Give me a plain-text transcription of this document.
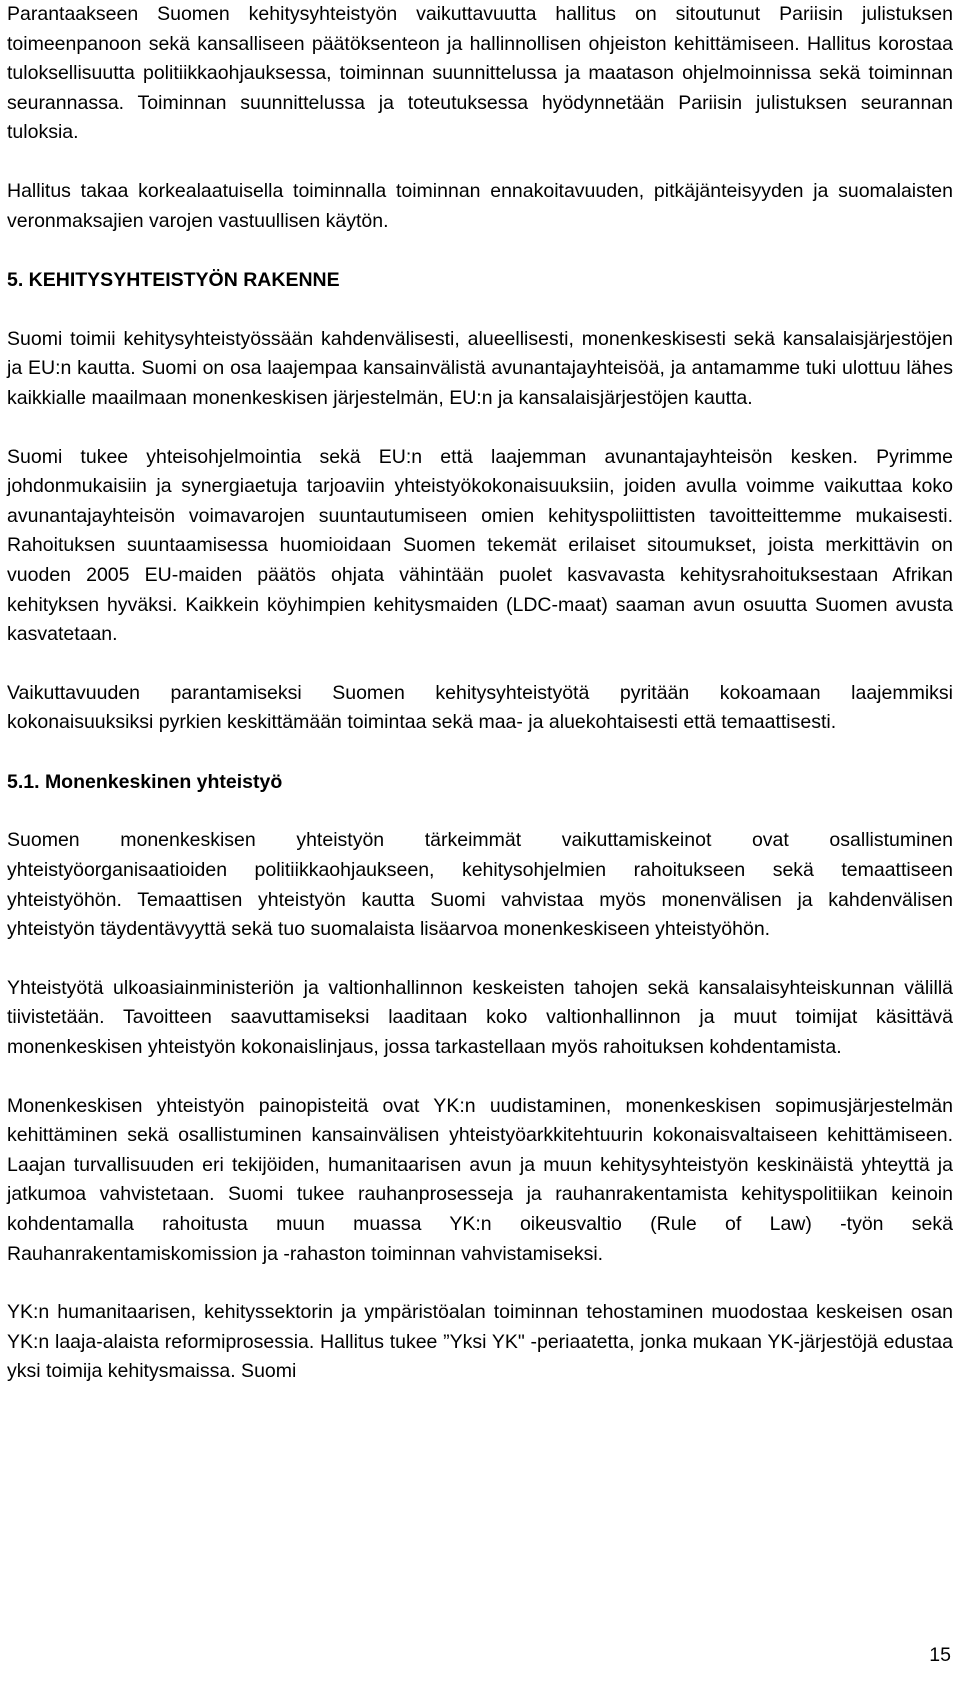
Parantaakseen Suomen kehitysyhteistyön vaikuttavuutta hallitus on sitoutunut Pariisin julistuksen toimeenpanoon sekä kansalliseen päätöksenteon ja hallinnollisen ohjeiston kehittämiseen. Hallitus korostaa tuloksellisuutta politiikkaohjauksessa, toiminnan suunnittelussa ja maatason ohjelmoinnissa sekä toiminnan seurannassa. Toiminnan suunnittelussa ja toteutuksessa hyödynnetään Pariisin julistuksen seurannan tuloksia.

Hallitus takaa korkealaatuisella toiminnalla toiminnan ennakoitavuuden, pitkäjänteisyyden ja suomalaisten veronmaksajien varojen vastuullisen käytön.

5. KEHITYSYHTEISTYÖN RAKENNE

Suomi toimii kehitysyhteistyössään kahdenvälisesti, alueellisesti, monenkeskisesti sekä kansalaisjärjestöjen ja EU:n kautta. Suomi on osa laajempaa kansainvälistä avunantajayhteisöä, ja antamamme tuki ulottuu lähes kaikkialle maailmaan monenkeskisen järjestelmän, EU:n ja kansalaisjärjestöjen kautta.

Suomi tukee yhteisohjelmointia sekä EU:n että laajemman avunantajayhteisön kesken. Pyrimme johdonmukaisiin ja synergiaetuja tarjoaviin yhteistyökokonaisuuksiin, joiden avulla voimme vaikuttaa koko avunantajayhteisön voimavarojen suuntautumiseen omien kehityspoliittisten tavoitteittemme mukaisesti. Rahoituksen suuntaamisessa huomioidaan Suomen tekemät erilaiset sitoumukset, joista merkittävin on vuoden 2005 EU-maiden päätös ohjata vähintään puolet kasvavasta kehitysrahoituksestaan Afrikan kehityksen hyväksi. Kaikkein köyhimpien kehitysmaiden (LDC-maat) saaman avun osuutta Suomen avusta kasvatetaan.

Vaikuttavuuden parantamiseksi Suomen kehitysyhteistyötä pyritään kokoamaan laajemmiksi kokonaisuuksiksi pyrkien keskittämään toimintaa sekä maa- ja aluekohtaisesti että temaattisesti.

5.1. Monenkeskinen yhteistyö

Suomen monenkeskisen yhteistyön tärkeimmät vaikuttamiskeinot ovat osallistuminen yhteistyöorganisaatioiden politiikkaohjaukseen, kehitysohjelmien rahoitukseen sekä temaattiseen yhteistyöhön. Temaattisen yhteistyön kautta Suomi vahvistaa myös monenvälisen ja kahdenvälisen yhteistyön täydentävyyttä sekä tuo suomalaista lisäarvoa monenkeskiseen yhteistyöhön.

Yhteistyötä ulkoasiainministeriön ja valtionhallinnon keskeisten tahojen sekä kansalaisyhteiskunnan välillä tiivistetään. Tavoitteen saavuttamiseksi laaditaan koko valtionhallinnon ja muut toimijat käsittävä monenkeskisen yhteistyön kokonaislinjaus, jossa tarkastellaan myös rahoituksen kohdentamista.

Monenkeskisen yhteistyön painopisteitä ovat YK:n uudistaminen, monenkeskisen sopimusjärjestelmän kehittäminen sekä osallistuminen kansainvälisen yhteistyöarkkitehtuurin kokonaisvaltaiseen kehittämiseen. Laajan turvallisuuden eri tekijöiden, humanitaarisen avun ja muun kehitysyhteistyön keskinäistä yhteyttä ja jatkumoa vahvistetaan. Suomi tukee rauhanprosesseja ja rauhanrakentamista kehityspolitiikan keinoin kohdentamalla rahoitusta muun muassa YK:n oikeusvaltio (Rule of Law) -työn sekä Rauhanrakentamiskomission ja -rahaston toiminnan vahvistamiseksi.

YK:n humanitaarisen, kehityssektorin ja ympäristöalan toiminnan tehostaminen muodostaa keskeisen osan YK:n laaja-alaista reformiprosessia. Hallitus tukee ”Yksi YK" -periaatetta, jonka mukaan YK-järjestöjä edustaa yksi toimija kehitysmaissa. Suomi

15
